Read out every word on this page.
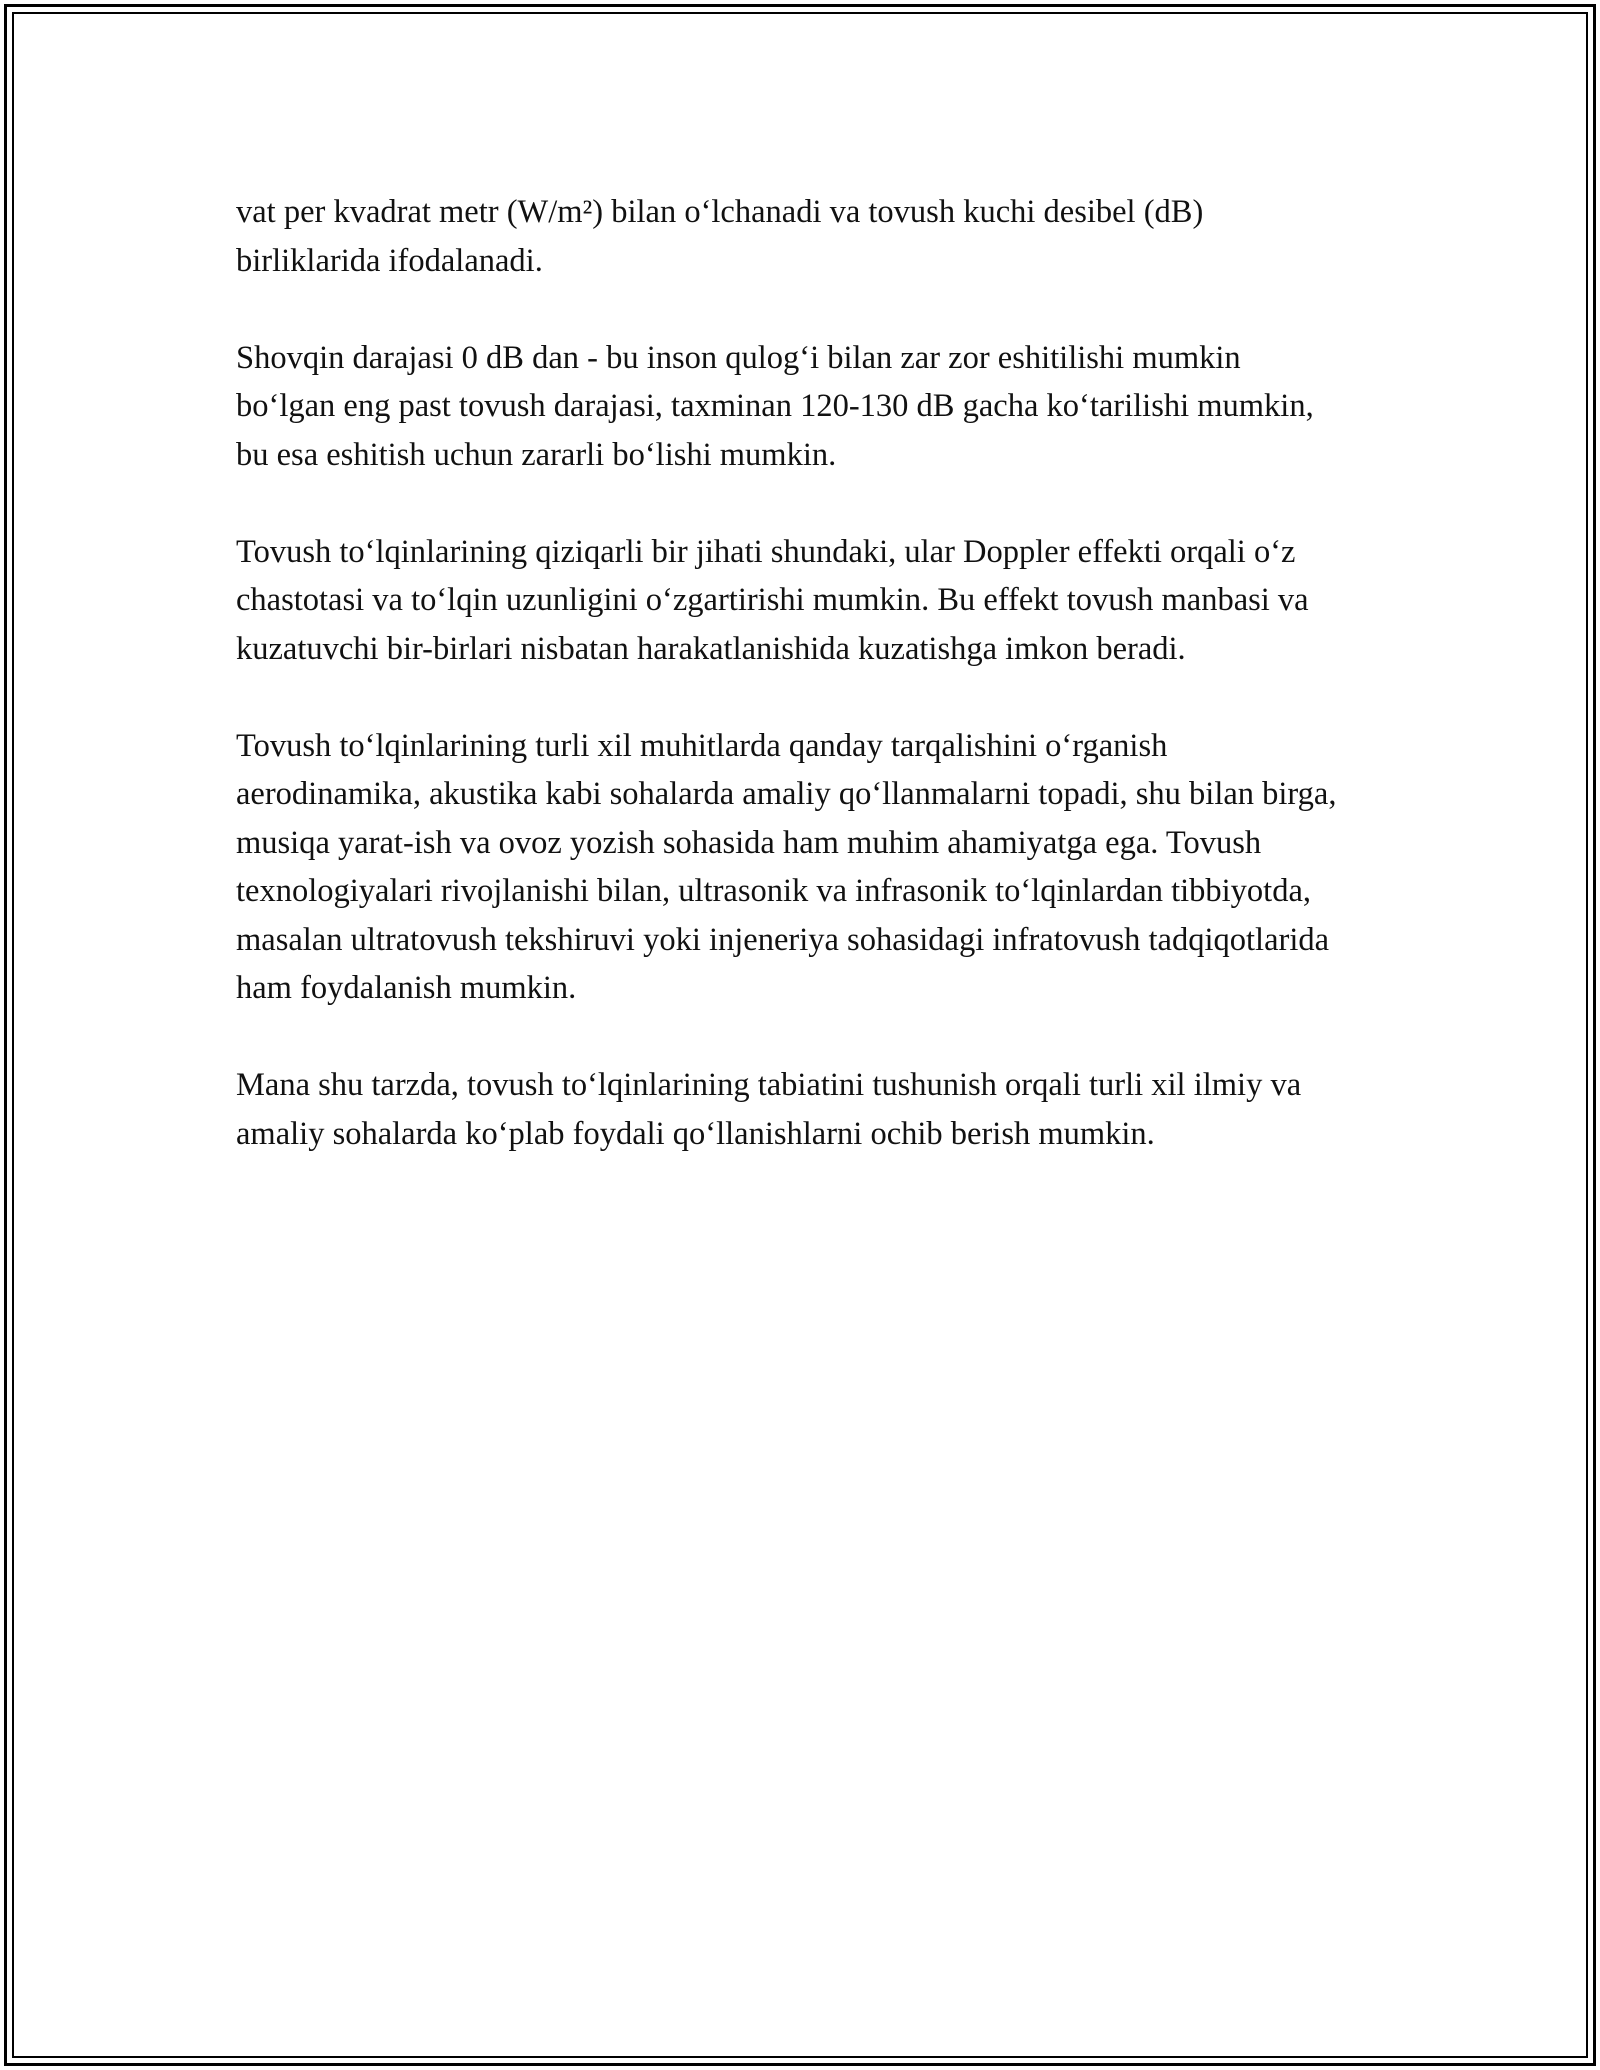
vat per kvadrat metr (W/m²) bilan o‘lchanadi va tovush kuchi desibel (dB) birliklarida ifodalanadi.

Shovqin darajasi 0 dB dan - bu inson qulog‘i bilan zar zor eshitilishi mumkin bo‘lgan eng past tovush darajasi, taxminan 120-130 dB gacha ko‘tarilishi mumkin, bu esa eshitish uchun zararli bo‘lishi mumkin.

Tovush to‘lqinlarining qiziqarli bir jihati shundaki, ular Doppler effekti orqali o‘z chastotasi va to‘lqin uzunligini o‘zgartirishi mumkin. Bu effekt tovush manbasi va kuzatuvchi bir-birlari nisbatan harakatlanishida kuzatishga imkon beradi.

Tovush to‘lqinlarining turli xil muhitlarda qanday tarqalishini o‘rganish aerodinamika, akustika kabi sohalarda amaliy qo‘llanmalarni topadi, shu bilan birga, musiqa yarat-ish va ovoz yozish sohasida ham muhim ahamiyatga ega. Tovush texnologiyalari rivojlanishi bilan, ultrasonik va infrasonik to‘lqinlardan tibbiyotda, masalan ultratovush tekshiruvi yoki injeneriya sohasidagi infratovush tadqiqotlarida ham foydalanish mumkin.

Mana shu tarzda, tovush to‘lqinlarining tabiatini tushunish orqali turli xil ilmiy va amaliy sohalarda ko‘plab foydali qo‘llanishlarni ochib berish mumkin.
